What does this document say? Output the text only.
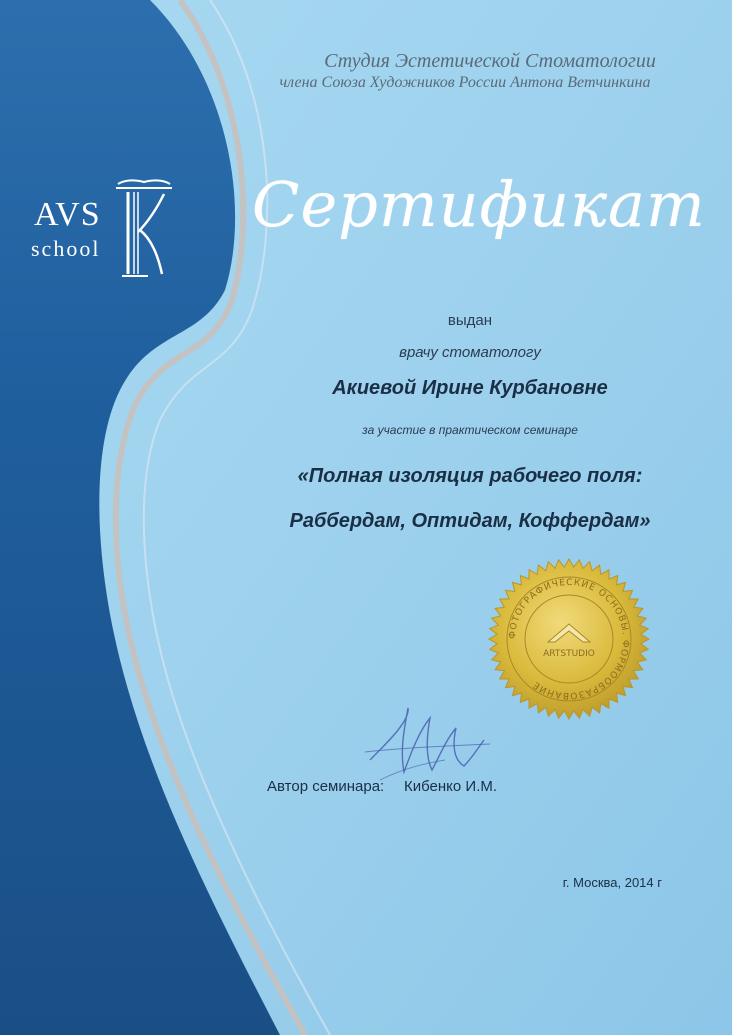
Студия Эстетической Стоматологии
члена Союза Художников России Антона Ветчинкина
AVS
school
Сертификат
выдан
врачу стоматологу
Акиевой Ирине Курбановне
за участие в практическом семинаре
«Полная изоляция рабочего поля:
Раббердам, Оптидам, Коффердам»
ФОТОГРАФИЧЕСКИЕ ОСНОВЫ. ФОРМООБРАЗОВАНИЕ
ARTSTUDIO
Автор семинара: Кибенко И.М.
г. Москва, 2014 г
